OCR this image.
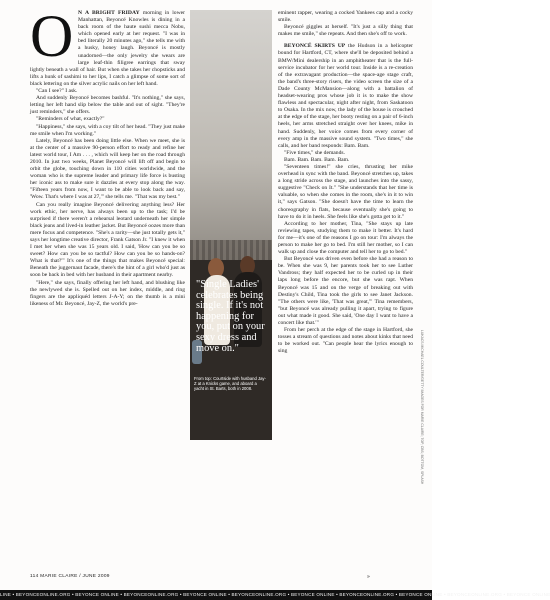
O N A BRIGHT FRIDAY morning in lower Manhattan, Beyoncé Knowles is dining in a back room of the haute sushi mecca Nobu, which opened early at her request. "I was in bed literally 20 minutes ago," she tells me with a husky, honey laugh. Beyoncé is mostly unadorned—the only jewelry she wears are large leaf-thin filigree earrings that sway lightly beneath a wall of hair. But when she takes her chopsticks and lifts a hunk of sashimi to her lips, I catch a glimpse of some sort of black lettering on the silver acrylic nails on her left hand.

"Can I see?" I ask.

And suddenly Beyoncé becomes bashful. "It's nothing," she says, letting her left hand slip below the table and out of sight. "They're just reminders," she offers.

"Reminders of what, exactly?"

"Happiness," she says, with a coy tilt of her head. "They just make me smile when I'm working."

Lately, Beyoncé has been doing little else. When we meet, she is at the center of a massive 90-person effort to ready and refine her latest world tour, I Am . . . , which will keep her on the road through 2010. In just two weeks, Planet Beyoncé will lift off and begin to orbit the globe, touching down in 110 cities worldwide, and the woman who is the supreme leader and primary life force is busting her iconic ass to make sure it dazzles at every stop along the way. "Fifteen years from now, I want to be able to look back and say, 'Wow. That's where I was at 27,'" she tells me. "That was my best."

Can you really imagine Beyoncé delivering anything less? Her work ethic, her nerve, has always been up to the task; I'd be surprised if there weren't a rehearsal leotard underneath her simple black jeans and lived-in leather jacket. But Beyoncé oozes more than mere focus and competence. "She's a rarity—she just totally gets it," says her longtime creative director, Frank Gatson Jr. "I knew it when I met her when she was 15 years old. I said, 'How can you be so sweet? How can you be so tactful? How can you be so hands-on? What is that?'" It's one of the things that makes Beyoncé special: Beneath the juggernaut facade, there's the hint of a girl who'd just as soon be back in bed with her husband in their apartment nearby.

"Here," she says, finally offering her left hand, and blushing like the newlywed she is. Spelled out on her index, middle, and ring fingers are the appliquéd letters J-A-Y; on the thumb is a mini likeness of Mr. Beyoncé, Jay-Z, the world's pre-

"Single Ladies' celebrates being single. If it's not happening for you, put on your sexy dress and move on."
From top: Courtside with husband Jay-Z at a Knicks game, and aboard a yacht in St. Barts, both in 2008.

eminent rapper, wearing a cocked Yankees cap and a cocky smile.

Beyoncé giggles at herself. "It's just a silly thing that makes me smile," she repeats. And then she's off to work.

BEYONCÉ SKIRTS UP the Hudson in a helicopter bound for Hartford, CT, where she'll be deposited behind a BMW/Mini dealership in an amphitheater that is the full-service incubator for her world tour. Inside is a re-creation of the extravagant production—the space-age stage craft, the band's three-story risers, the video screen the size of a Dade County McMansion—along with a battalion of headset-wearing pros whose job it is to make the show flawless and spectacular, night after night, from Saskatoon to Osaka. In the mix now, the lady of the house is crouched at the edge of the stage, her booty resting on a pair of 6-inch heels, her arms stretched straight over her knees, mike in hand. Suddenly, her voice comes from every corner of every amp in the massive sound system. "Two times," she calls, and her band responds: Bam. Bam.

"Five times," she demands.

Bam. Bam. Bam. Bam. Bam.

"Seventeen times!" she cries, thrusting her mike overhead in sync with the band. Beyoncé stretches up, takes a long stride across the stage, and launches into the sassy, suggestive "Check on It." "She understands that her time is valuable, so when she comes in the room, she's in it to win it," says Gatson. "She doesn't have the time to learn the choreography in flats, because eventually she's going to have to do it in heels. She feels like she's gotta get to it."

According to her mother, Tina, "She stays up late reviewing tapes, studying them to make it better. It's hard for me—it's one of the reasons I go on tour: I'm always the person to make her go to bed. I'm still her mother, so I can walk up and close the computer and tell her to go to bed."

But Beyoncé was driven even before she had a reason to be. When she was 9, her parents took her to see Luther Vandross; they half expected her to be curled up in their laps long before the encore, but she was rapt. When Beyoncé was 15 and on the verge of breaking out with Destiny's Child, Tina took the girls to see Janet Jackson. "The others were like, 'That was great,'" Tina remembers, "but Beyoncé was already pulling it apart, trying to figure out what made it good. She said, 'One day I want to have a concert like that.'"

From her perch at the edge of the stage in Hartford, she tosses a stream of questions and notes about kinks that need to be worked out. "Can people hear the lyrics enough to sing	LUKACS MICHAEL COULTER/GETTY IMAGES FOR MARIE CLAIRE; TOP, CBS; BOTTOM, SPLASH
114 MARIE CLAIRE / JUNE 2009	»
LINE • BEYONCEONLINE.ORG • BEYONCE ONLINE • BEYONCEONLINE.ORG • BEYONCE ONLINE • BEYONCEONLINE.ORG • BEYONCE ONLINE • BEYONCEONLINE.ORG • BEYONCE ONLINE • BEYONCEONLINE.ORG • BEYONCE ONLINE
